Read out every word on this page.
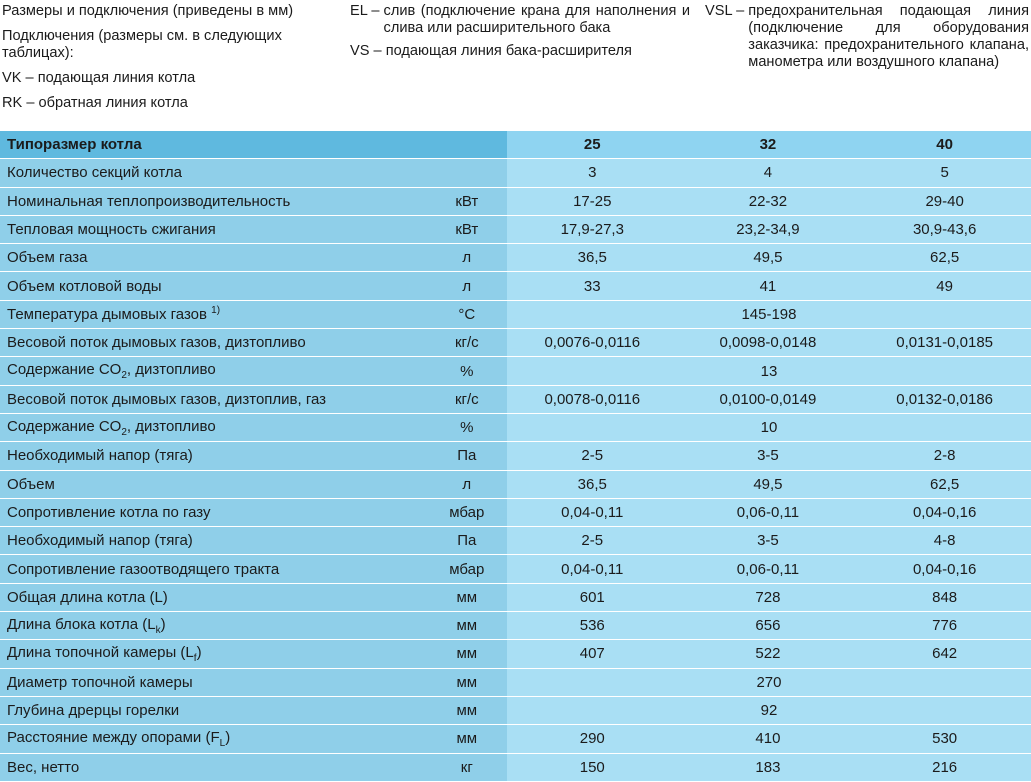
Размеры и подключения (приведены в мм)

Подключения (размеры см. в следующих таблицах):

VK – подающая линия котла

RK – обратная линия котла

EL – слив (подключение крана для наполнения и слива или расширительного бака

VS – подающая линия бака-расширителя

VSL – предохранительная подающая линия (подключение для оборудования заказчика: предохранительного клапана, манометра или воздушного клапана)
Типоразмер котла		25	32	40
Количество секций котла		3	4	5
Номинальная теплопроизводительность	кВт	17-25	22-32	29-40
Тепловая мощность сжигания	кВт	17,9-27,3	23,2-34,9	30,9-43,6
Объем газа	л	36,5	49,5	62,5
Объем котловой воды	л	33	41	49
Температура дымовых газов $^{1)}$	°C	145-198		
Весовой поток дымовых газов, дизтопливо	кг/с	0,0076-0,0116	0,0098-0,0148	0,0131-0,0185
Содержание $CO_2$, дизтопливо	%	13		
Весовой поток дымовых газов, дизтоплив, газ	кг/с	0,0078-0,0116	0,0100-0,0149	0,0132-0,0186
Содержание $CO_2$, дизтопливо	%	10		
Необходимый напор (тяга)	Па	2-5	3-5	2-8
Объем	л	36,5	49,5	62,5
Сопротивление котла по газу	мбар	0,04-0,11	0,06-0,11	0,04-0,16
Необходимый напор (тяга)	Па	2-5	3-5	4-8
Сопротивление газоотводящего тракта	мбар	0,04-0,11	0,06-0,11	0,04-0,16
Общая длина котла (L)	мм	601	728	848
Длина блока котла $(L_k)$	мм	536	656	776
Длина топочной камеры $(L_f)$	мм	407	522	642
Диаметр топочной камеры	мм	270		
Глубина дрерцы горелки	мм	92		
Расстояние между опорами $(F_L)$	мм	290	410	530
Вес, нетто	кг	150	183	216
